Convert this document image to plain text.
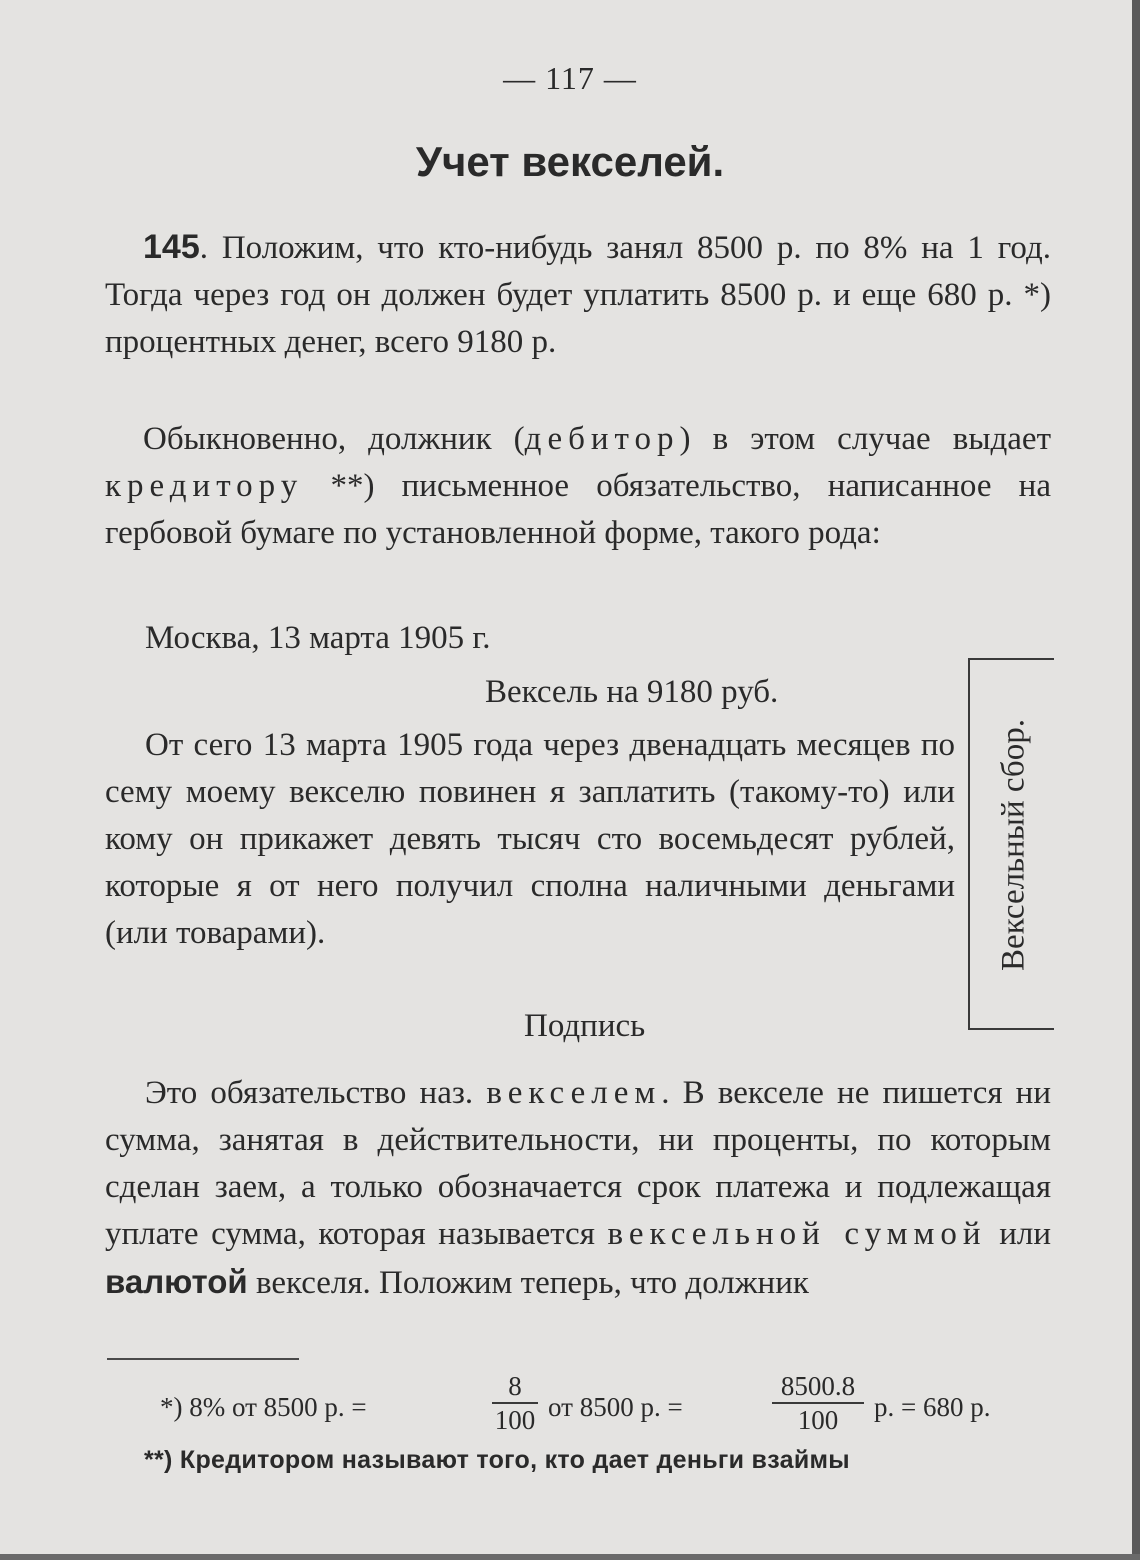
— 117 —
Учет векселей.
145. Положим, что кто-нибудь занял 8500 р. по 8% на 1 год. Тогда через год он должен будет уплатить 8500 р. и еще 680 р. *) процентных денег, всего 9180 р.
Обыкновенно, должник (дебитор) в этом случае выдает кредитору **) письменное обязательство, написанное на гербовой бумаге по установленной форме, такого рода:
Москва, 13 марта 1905 г.
Вексель на 9180 руб.
От сего 13 марта 1905 года через двенадцать месяцев по сему моему векселю повинен я заплатить (такому-то) или кому он прикажет девять тысяч сто восемьдесят рублей, которые я от него получил сполна наличными деньгами (или товарами).
Подпись
Вексельный сбор.
Это обязательство наз. векселем. В векселе не пишется ни сумма, занятая в действительности, ни проценты, по которым сделан заем, а только обозначается срок платежа и подлежащая уплате сумма, которая называется вексельной суммой или валютой векселя. Положим теперь, что должник
*) 8% от 8500 р. =	$\frac{8}{100}$ от 8500 р. =	$\frac{8500.8}{100} р$. = 680 р.
**) Кредитором называют того, кто дает деньги взаймы
